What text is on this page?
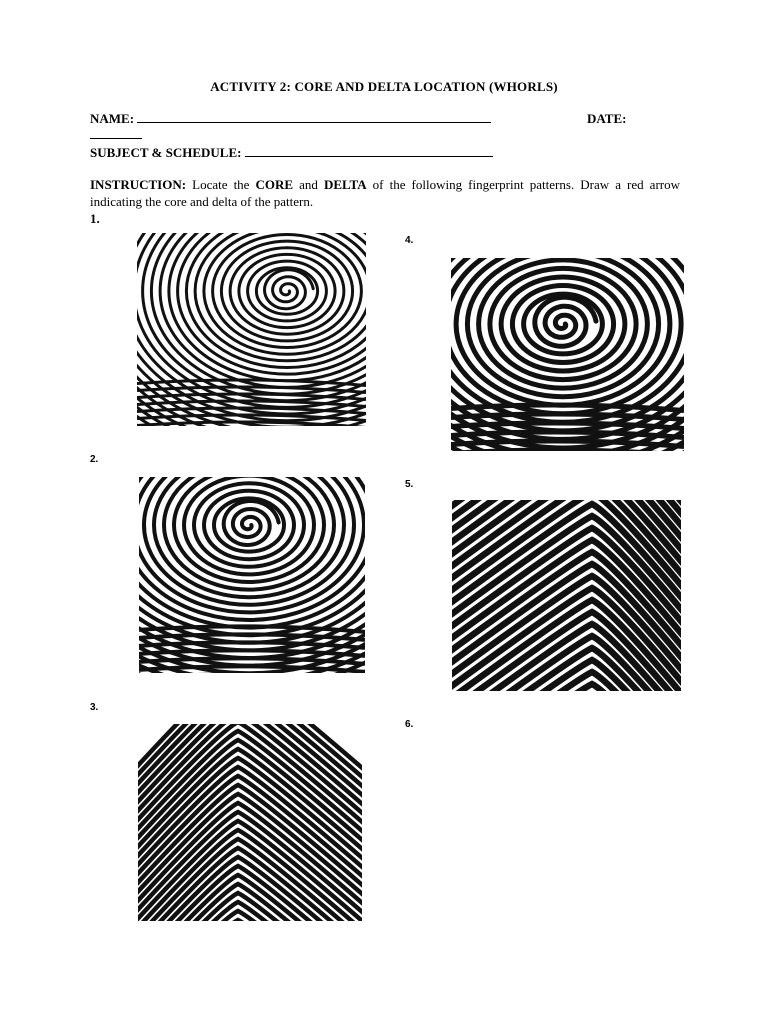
ACTIVITY 2: CORE AND DELTA LOCATION (WHORLS)
NAME:	DATE:
SUBJECT & SCHEDULE:
INSTRUCTION: Locate the CORE and DELTA of the following fingerprint patterns. Draw a red arrow indicating the core and delta of the pattern.
1.
2.
3.
4.
5.
6.
